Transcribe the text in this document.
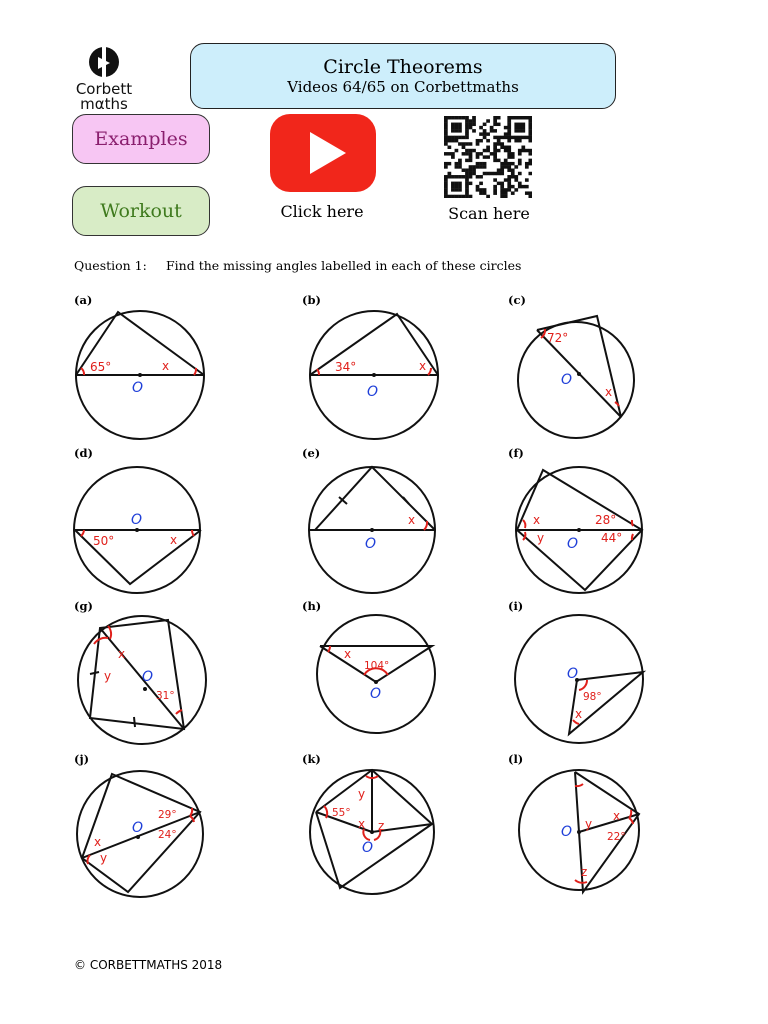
Corbett
mαths
Circle Theorems
Videos 64/65 on Corbettmaths
Examples
Workout	Click here	Scan here
Question 1: Find the missing angles labelled in each of these circles
(a)	(b)	(c)
(d)	(e)	(f)
(g)	(h)	(i)
(j)	(k)	(l)
65°	x
O
34°	x
O
72°
x
O
50°	x
O	x
O
x
y
28°
44°
O
x
y
31°
O
x
104°
O	98°
x
O
29°
24°
x
y
O
y
55°
x z
O
y
x
22°
z
O
© CORBETTMATHS 2018
